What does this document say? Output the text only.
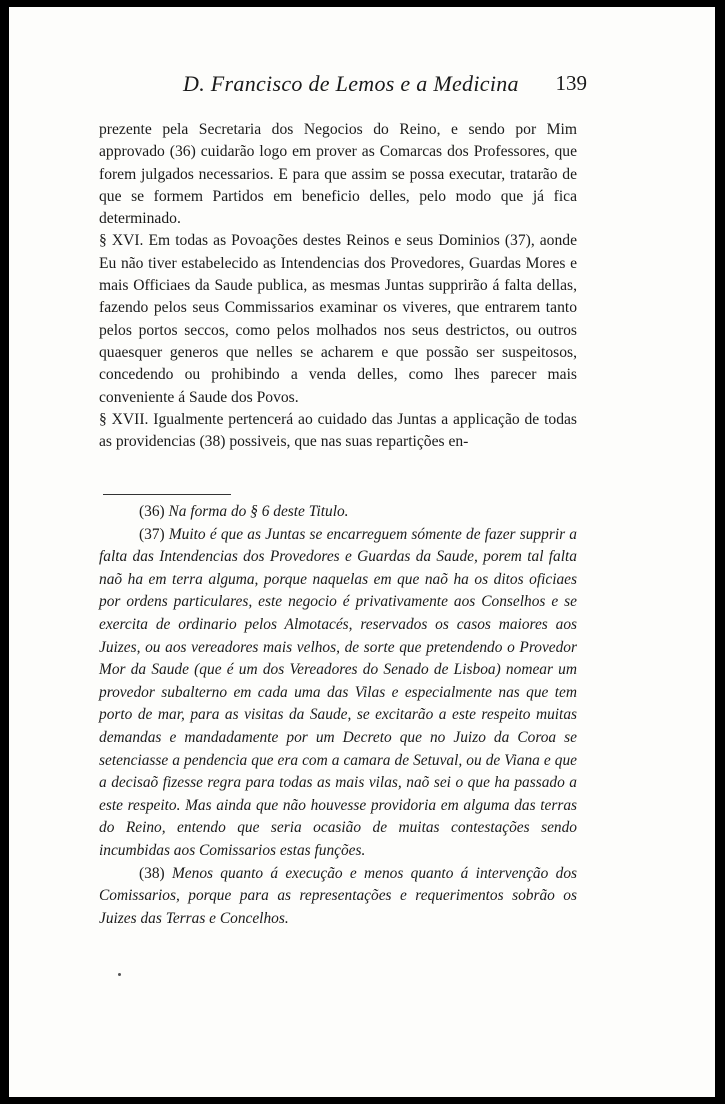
D. Francisco de Lemos e a Medicina 139

prezente pela Secretaria dos Negocios do Reino, e sendo por Mim approvado (36) cuidarão logo em prover as Comarcas dos Professores, que forem julgados necessarios. E para que assim se possa executar, tratarão de que se formem Partidos em beneficio delles, pelo modo que já fica determinado.

§ XVI. Em todas as Povoações destes Reinos e seus Dominios (37), aonde Eu não tiver estabelecido as Intendencias dos Provedores, Guardas Mores e mais Officiaes da Saude publica, as mesmas Juntas supprirão á falta dellas, fazendo pelos seus Commissarios examinar os viveres, que entrarem tanto pelos portos seccos, como pelos molhados nos seus destrictos, ou outros quaesquer generos que nelles se acharem e que possão ser suspeitosos, concedendo ou prohibindo a venda delles, como lhes parecer mais conveniente á Saude dos Povos.

§ XVII. Igualmente pertencerá ao cuidado das Juntas a applicação de todas as providencias (38) possiveis, que nas suas repartições en-

(36) Na forma do § 6 deste Titulo.

(37) Muito é que as Juntas se encarreguem sómente de fazer supprir a falta das Intendencias dos Provedores e Guardas da Saude, porem tal falta naõ ha em terra alguma, porque naquelas em que naõ ha os ditos oficiaes por ordens particulares, este negocio é privativamente aos Conselhos e se exercita de ordinario pelos Almotacés, reservados os casos maiores aos Juizes, ou aos vereadores mais velhos, de sorte que pretendendo o Provedor Mor da Saude (que é um dos Vereadores do Senado de Lisboa) nomear um provedor subalterno em cada uma das Vilas e especialmente nas que tem porto de mar, para as visitas da Saude, se excitarão a este respeito muitas demandas e mandadamente por um Decreto que no Juizo da Coroa se setenciasse a pendencia que era com a camara de Setuval, ou de Viana e que a decisaõ fizesse regra para todas as mais vilas, naõ sei o que ha passado a este respeito. Mas ainda que não houvesse providoria em alguma das terras do Reino, entendo que seria ocasião de muitas contestações sendo incumbidas aos Comissarios estas funções.

(38) Menos quanto á execução e menos quanto á intervenção dos Comissarios, porque para as representações e requerimentos sobrão os Juizes das Terras e Concelhos.
